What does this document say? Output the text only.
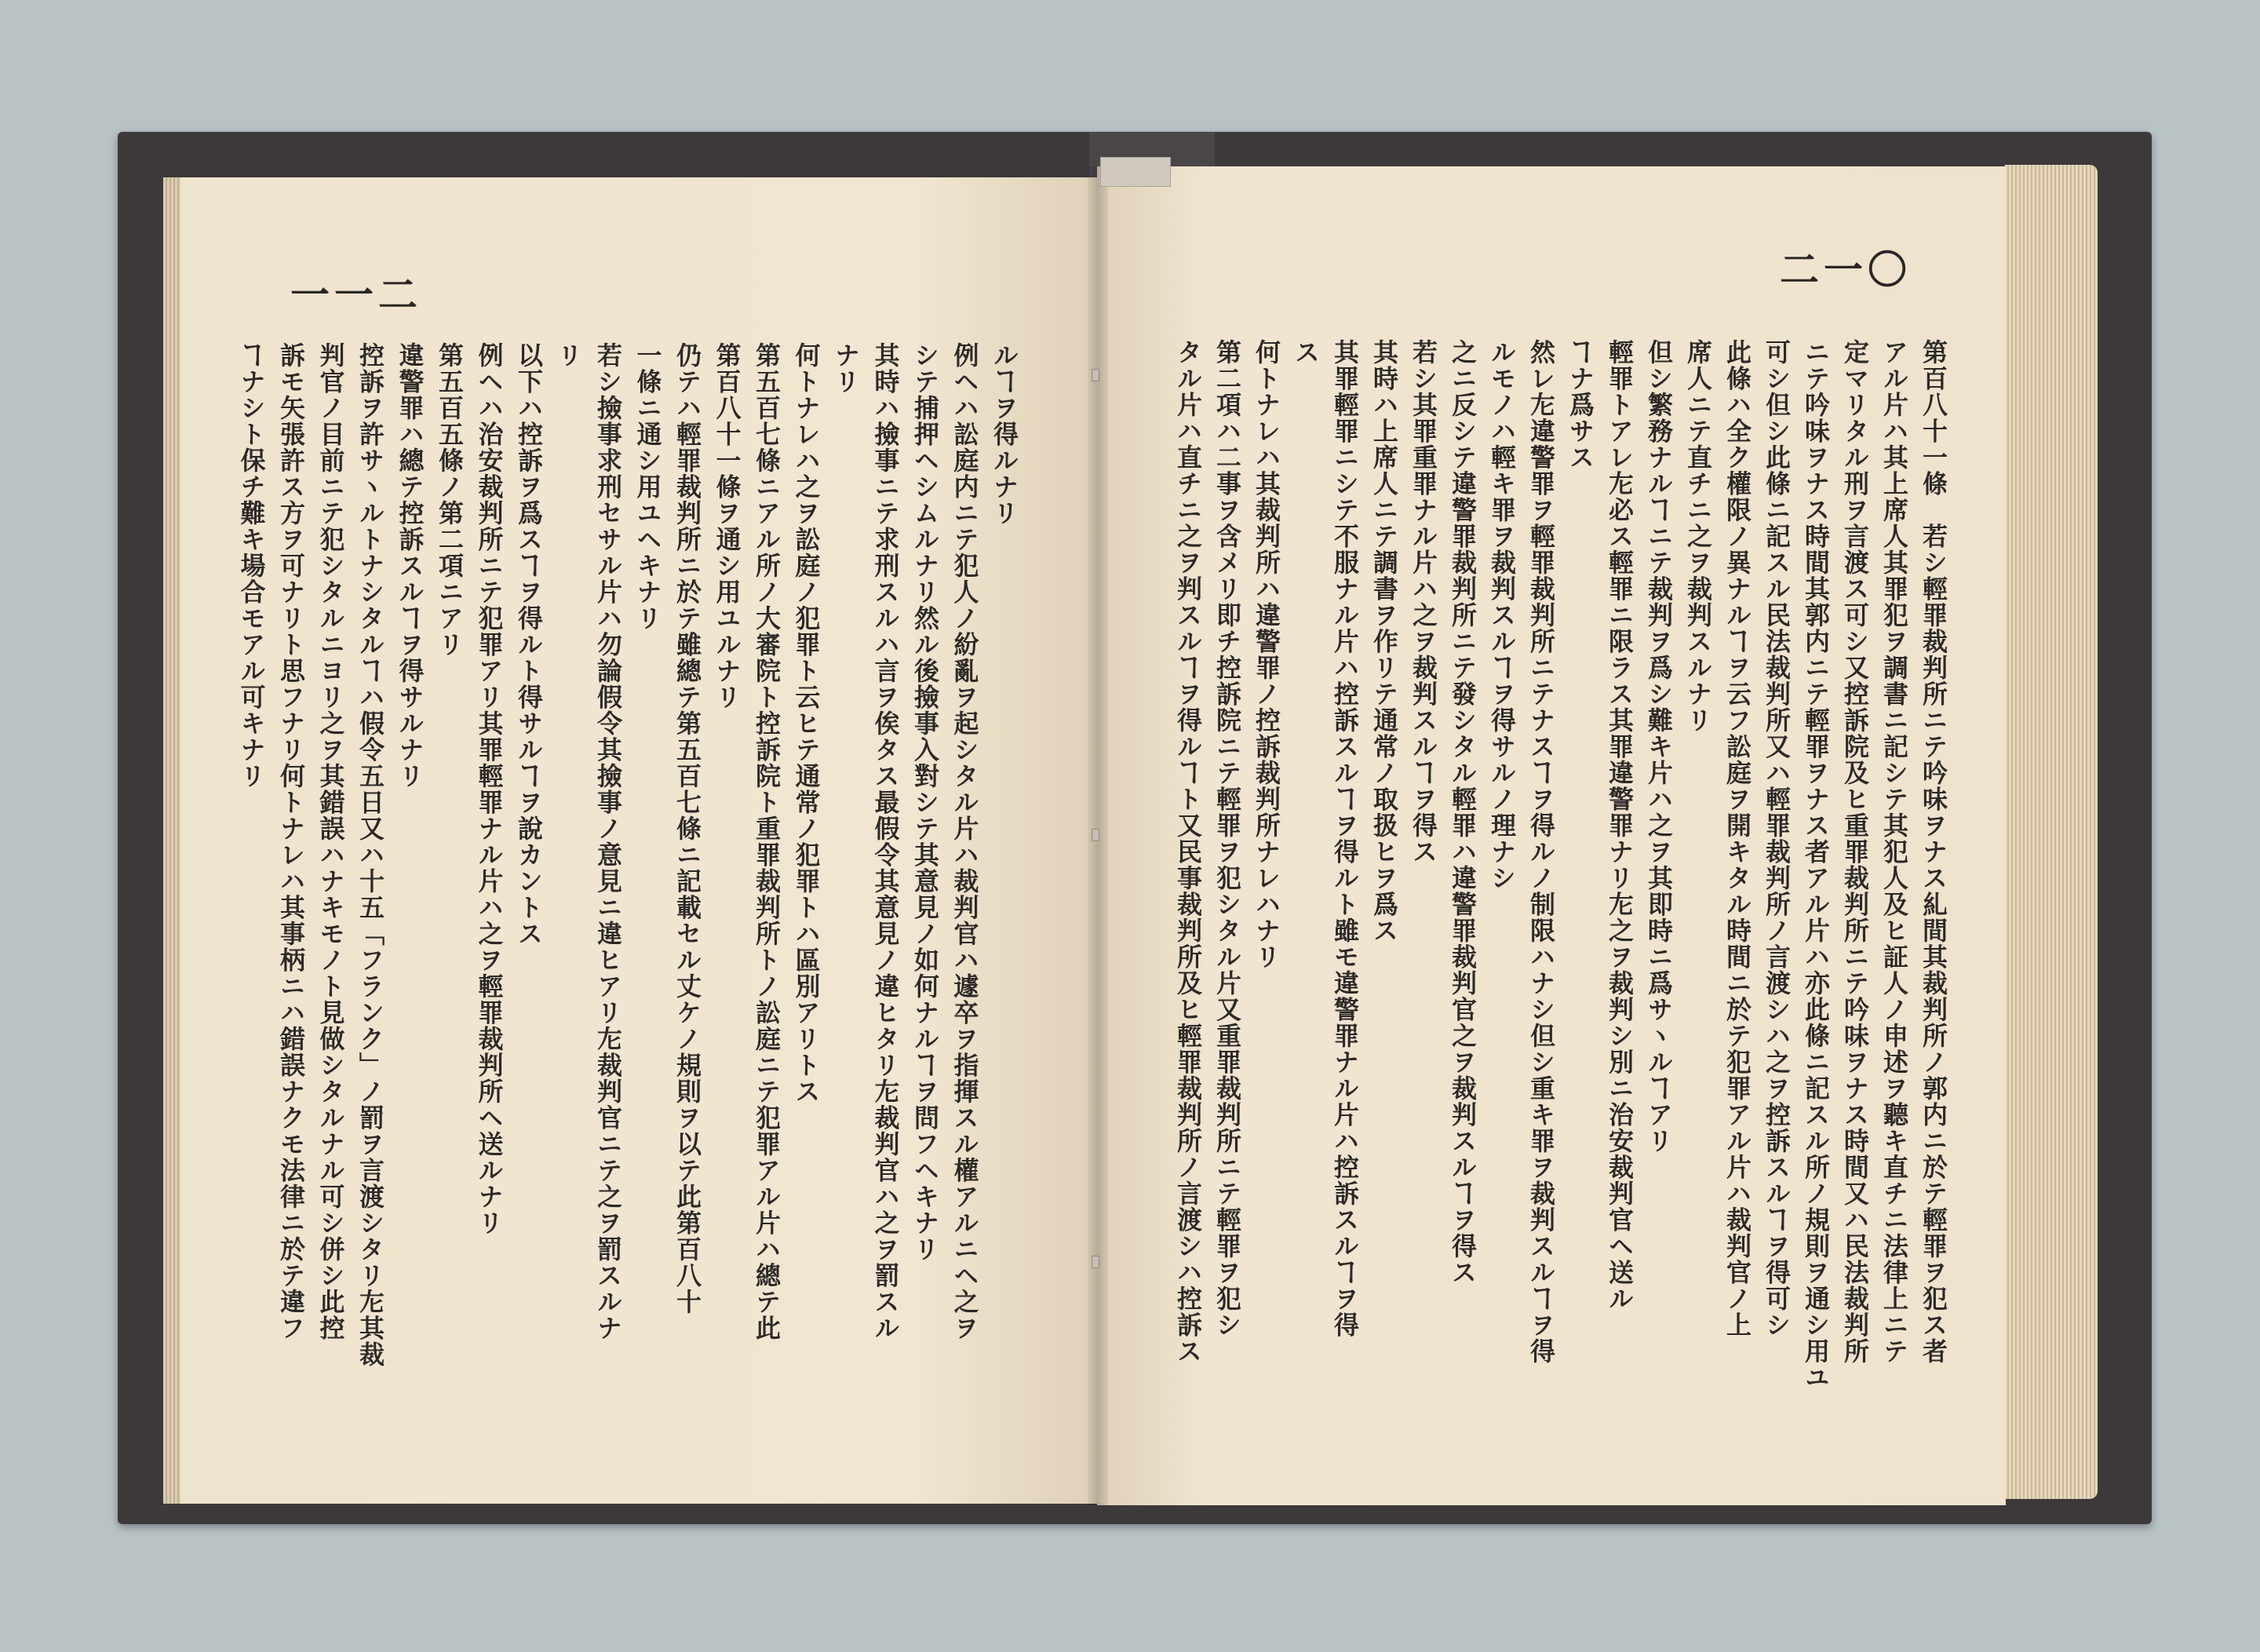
一一二
ルヿヲ得ルナリ
例ヘハ訟庭内ニテ犯人ノ紛亂ヲ起シタル片ハ裁判官ハ遽卒ヲ指揮スル權アルニヘ之ヲ
シテ捕押ヘシムルナリ然ル後撿事入對シテ其意見ノ如何ナルヿヲ問フヘキナリ
其時ハ撿事ニテ求刑スルハ言ヲ俟タス最假令其意見ノ違ヒタリ㔫裁判官ハ之ヲ罰スル
ナリ
何トナレハ之ヲ訟庭ノ犯罪ト云ヒテ通常ノ犯罪トハ區別アリトス
第五百七條ニアル所ノ大審院ト控訴院ト重罪裁判所トノ訟庭ニテ犯罪アル片ハ總テ此
第百八十一條ヲ通シ用ユルナリ
仍テハ輕罪裁判所ニ於テ雖總テ第五百七條ニ記載セル丈ケノ規則ヲ以テ此第百八十
一條ニ通シ用ユヘキナリ
若シ撿事求刑セサル片ハ勿論假令其撿事ノ意見ニ違ヒアリ㔫裁判官ニテ之ヲ罰スルナ
リ
以下ハ控訴ヲ爲スヿヲ得ルト得サルヿヲ說カントス
例ヘハ治安裁判所ニテ犯罪アリ其罪輕罪ナル片ハ之ヲ輕罪裁判所ヘ送ルナリ
第五百五條ノ第二項ニアリ
違警罪ハ總テ控訴スルヿヲ得サルナリ
控訴ヲ許サヽルトナシタルヿハ假令五日又ハ十五「フランク」ノ罰ヲ言渡シタリ㔫其裁
判官ノ目前ニテ犯シタルニヨリ之ヲ其錯誤ハナキモノト見做シタルナル可シ併シ此控
訴モ矢張許ス方ヲ可ナリト思フナリ何トナレハ其事柄ニハ錯誤ナクモ法律ニ於テ違フ
ヿナシト保チ難キ場合モアル可キナリ
二一〇
第百八十一條　若シ輕罪裁判所ニテ吟味ヲナス糺間其裁判所ノ郭内ニ於テ輕罪ヲ犯ス者
アル片ハ其上席人其罪犯ヲ調書ニ記シテ其犯人及ヒ証人ノ申述ヲ聽キ直チニ法律上ニテ
定マリタル刑ヲ言渡ス可シ又控訴院及ヒ重罪裁判所ニテ吟味ヲナス時間又ハ民法裁判所
ニテ吟味ヲナス時間其郭内ニテ輕罪ヲナス者アル片ハ亦此條ニ記スル所ノ規則ヲ通シ用ユ
可シ但シ此條ニ記スル民法裁判所又ハ輕罪裁判所ノ言渡シハ之ヲ控訴スルヿヲ得可シ
此條ハ全ク權限ノ異ナルヿヲ云フ訟庭ヲ開キタル時間ニ於テ犯罪アル片ハ裁判官ノ上
席人ニテ直チニ之ヲ裁判スルナリ
但シ繁務ナルヿニテ裁判ヲ爲シ難キ片ハ之ヲ其即時ニ爲サヽルヿアリ
輕罪トアレ㔫必ス輕罪ニ限ラス其罪違警罪ナリ㔫之ヲ裁判シ別ニ治安裁判官ヘ送ル
ヿナ爲サス
然レ㔫違警罪ヲ輕罪裁判所ニテナスヿヲ得ルノ制限ハナシ但シ重キ罪ヲ裁判スルヿヲ得
ルモノハ輕キ罪ヲ裁判スルヿヲ得サルノ理ナシ
之ニ反シテ違警罪裁判所ニテ發シタル輕罪ハ違警罪裁判官之ヲ裁判スルヿヲ得ス
若シ其罪重罪ナル片ハ之ヲ裁判スルヿヲ得ス
其時ハ上席人ニテ調書ヲ作リテ通常ノ取扱ヒヲ爲ス
其罪輕罪ニシテ不服ナル片ハ控訴スルヿヲ得ルト雖モ違警罪ナル片ハ控訴スルヿヲ得
ス
何トナレハ其裁判所ハ違警罪ノ控訴裁判所ナレハナリ
第二項ハ二事ヲ含メリ即チ控訴院ニテ輕罪ヲ犯シタル片又重罪裁判所ニテ輕罪ヲ犯シ
タル片ハ直チニ之ヲ判スルヿヲ得ルヿト又民事裁判所及ヒ輕罪裁判所ノ言渡シハ控訴ス
